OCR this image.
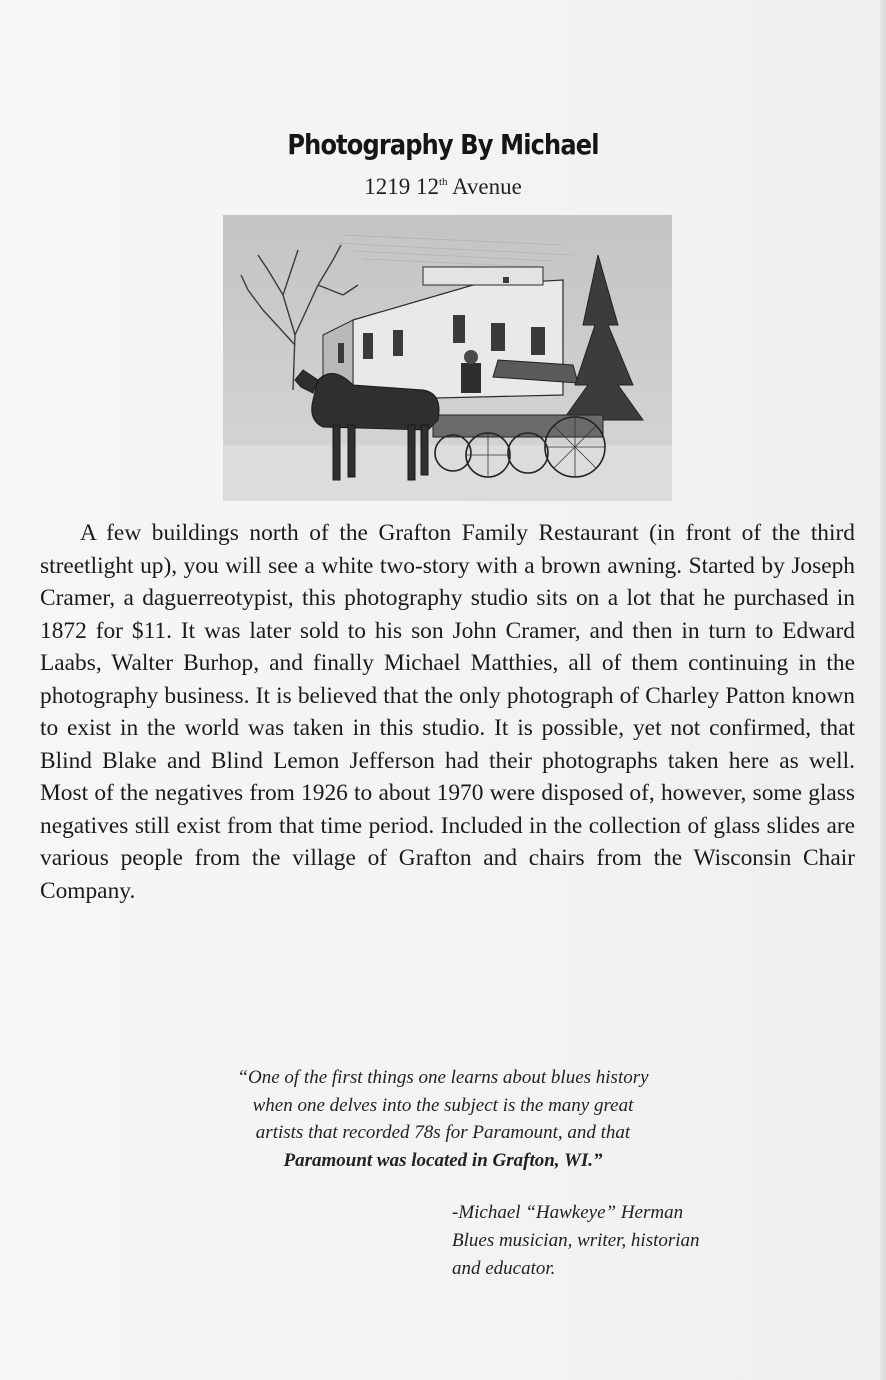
Photography By Michael
1219 12th Avenue

A few buildings north of the Grafton Family Restaurant (in front of the third streetlight up), you will see a white two-story with a brown awning. Started by Joseph Cramer, a daguerreotypist, this photography studio sits on a lot that he purchased in 1872 for $11. It was later sold to his son John Cramer, and then in turn to Edward Laabs, Walter Burhop, and finally Michael Matthies, all of them continuing in the photography business. It is believed that the only photograph of Charley Patton known to exist in the world was taken in this studio. It is possible, yet not confirmed, that Blind Blake and Blind Lemon Jefferson had their photographs taken here as well. Most of the negatives from 1926 to about 1970 were disposed of, however, some glass negatives still exist from that time period. Included in the collection of glass slides are various people from the village of Grafton and chairs from the Wisconsin Chair Company.

“One of the first things one learns about blues history
when one delves into the subject is the many great
artists that recorded 78s for Paramount, and that
Paramount was located in Grafton, WI.”
-Michael “Hawkeye” Herman
Blues musician, writer, historian
and educator.
